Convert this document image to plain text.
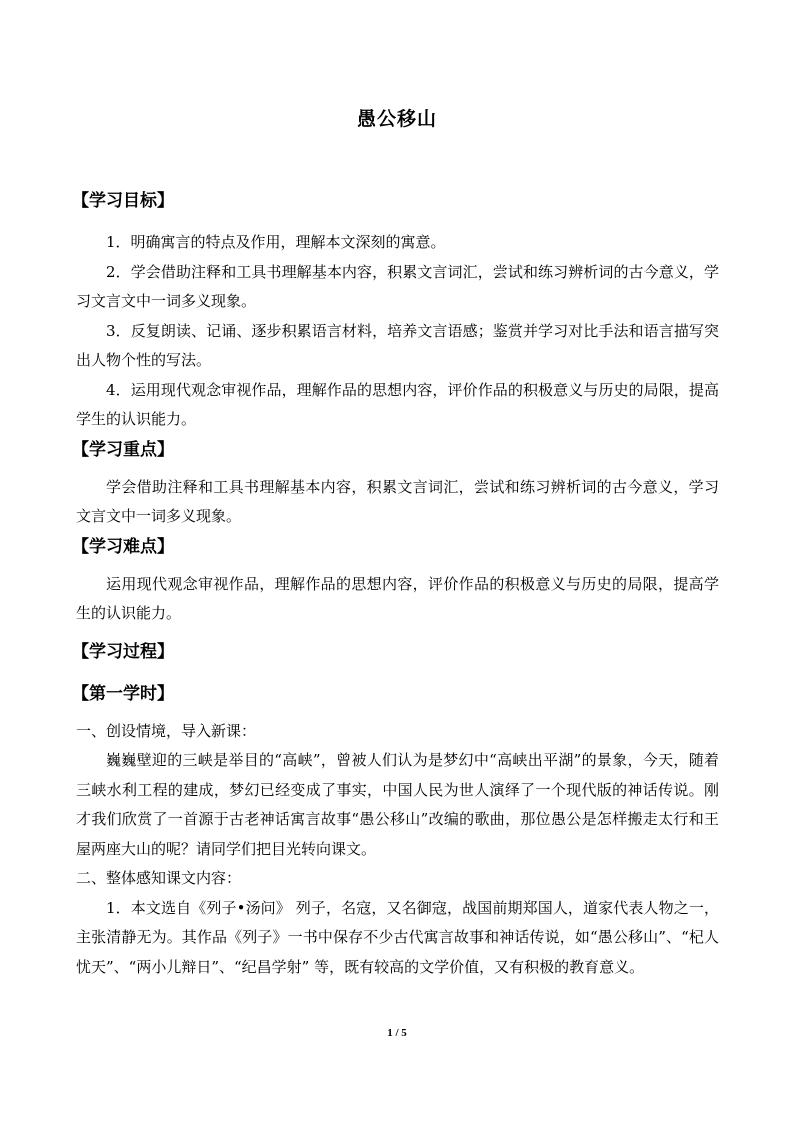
愚公移山
【学习目标】
1．明确寓言的特点及作用，理解本文深刻的寓意。
2．学会借助注释和工具书理解基本内容，积累文言词汇，尝试和练习辨析词的古今意义，学习文言文中一词多义现象。
3．反复朗读、记诵、逐步积累语言材料，培养文言语感；鉴赏并学习对比手法和语言描写突出人物个性的写法。
4．运用现代观念审视作品，理解作品的思想内容，评价作品的积极意义与历史的局限，提高学生的认识能力。
【学习重点】
学会借助注释和工具书理解基本内容，积累文言词汇，尝试和练习辨析词的古今意义，学习文言文中一词多义现象。
【学习难点】
运用现代观念审视作品，理解作品的思想内容，评价作品的积极意义与历史的局限，提高学生的认识能力。
【学习过程】
【第一学时】
一、创设情境，导入新课：
巍巍壁迎的三峡是举目的“高峡”，曾被人们认为是梦幻中“高峡出平湖”的景象，今天，随着三峡水利工程的建成，梦幻已经变成了事实，中国人民为世人演绎了一个现代版的神话传说。刚才我们欣赏了一首源于古老神话寓言故事“愚公移山”改编的歌曲，那位愚公是怎样搬走太行和王屋两座大山的呢？请同学们把目光转向课文。
二、整体感知课文内容：
1．本文选自《列子•汤问》 列子，名寇，又名御寇，战国前期郑国人，道家代表人物之一，主张清静无为。其作品《列子》一书中保存不少古代寓言故事和神话传说，如“愚公移山”、“杞人忧天”、“两小儿辩日”、“纪昌学射” 等，既有较高的文学价值，又有积极的教育意义。
1 / 5
